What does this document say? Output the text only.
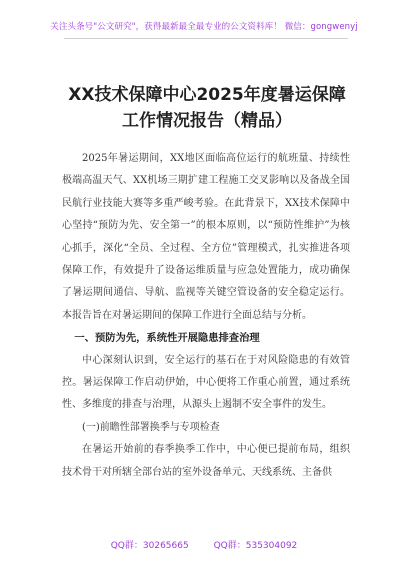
关注头条号"公文研究"，获得最新最全最专业的公文资料库！ 微信：gongwenyj
XX技术保障中心2025年度暑运保障工作情况报告（精品）

2025年暑运期间，XX地区面临高位运行的航班量、持续性极端高温天气、XX机场三期扩建工程施工交叉影响以及备战全国民航行业技能大赛等多重严峻考验。在此背景下，XX技术保障中心坚持“预防为先、安全第一”的根本原则，以“预防性维护”为核心抓手，深化“全员、全过程、全方位”管理模式，扎实推进各项保障工作，有效提升了设备运维质量与应急处置能力，成功确保了暑运期间通信、导航、监视等关键空管设备的安全稳定运行。本报告旨在对暑运期间的保障工作进行全面总结与分析。

一、预防为先，系统性开展隐患排查治理

中心深刻认识到，安全运行的基石在于对风险隐患的有效管控。暑运保障工作启动伊始，中心便将工作重心前置，通过系统性、多维度的排查与治理，从源头上遏制不安全事件的发生。

(一)前瞻性部署换季与专项检查

在暑运开始前的春季换季工作中，中心便已提前布局，组织技术骨干对所辖全部台站的室外设备单元、天线系统、主备供

QQ群：30265665	QQ群：535304092
